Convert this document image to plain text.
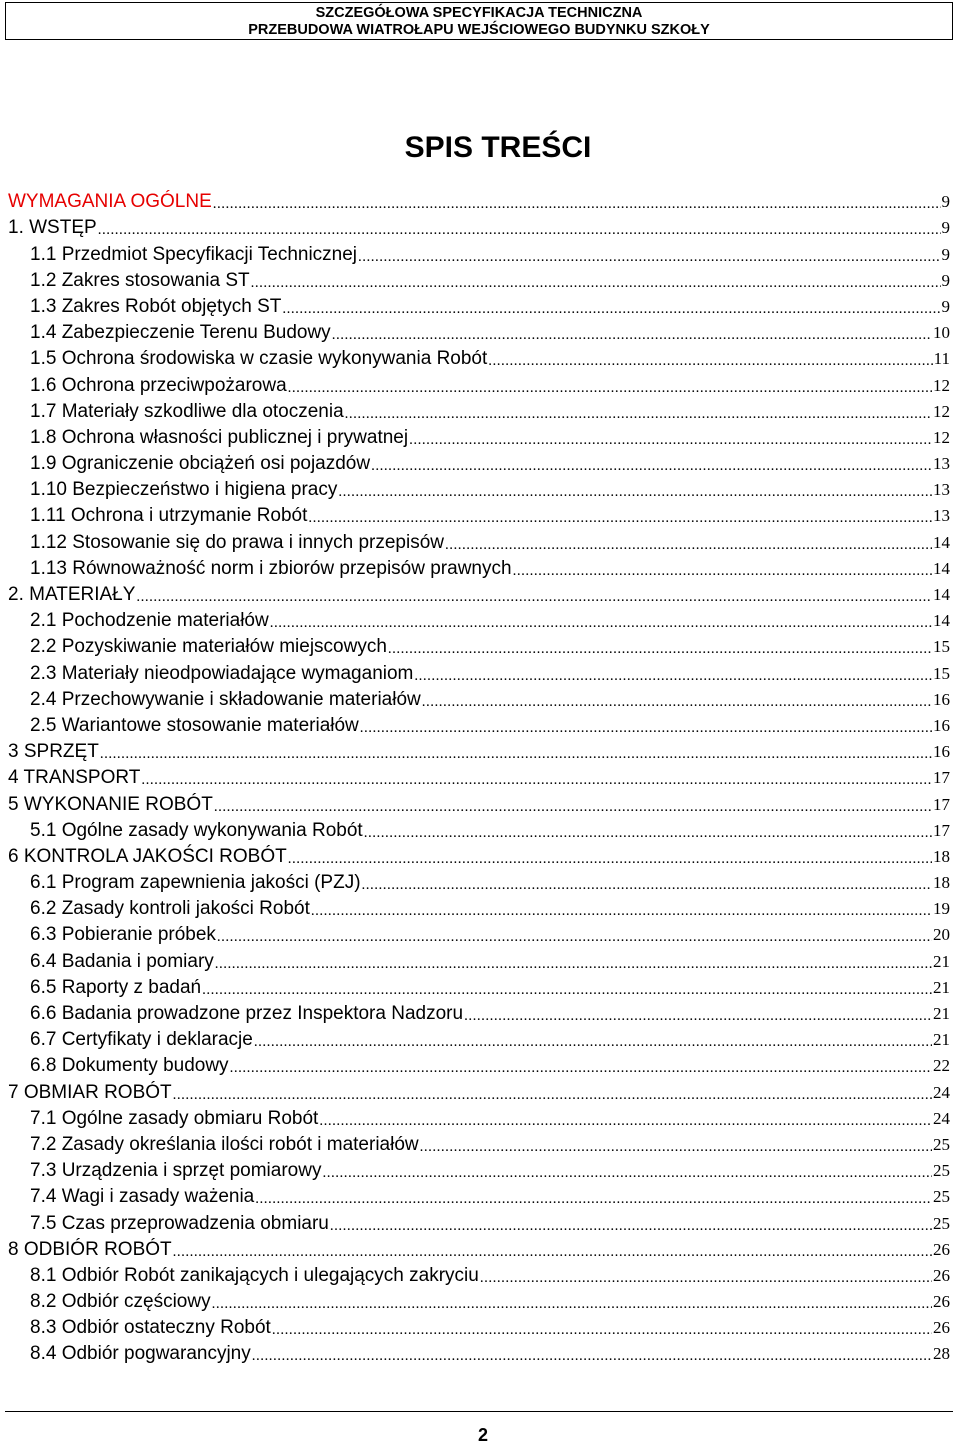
SZCZEGÓŁOWA SPECYFIKACJA TECHNICZNA
PRZEBUDOWA WIATROŁAPU WEJŚCIOWEGO BUDYNKU SZKOŁY
SPIS TREŚCI
WYMAGANIA OGÓLNE .....	9
1. WSTĘP .....	9
1.1 Przedmiot Specyfikacji Technicznej .....	9
1.2 Zakres stosowania ST .....	9
1.3 Zakres Robót objętych ST .....	9
1.4 Zabezpieczenie Terenu Budowy .....	10
1.5 Ochrona środowiska w czasie wykonywania Robót .....	11
1.6 Ochrona przeciwpożarowa .....	12
1.7 Materiały szkodliwe dla otoczenia .....	12
1.8 Ochrona własności publicznej i prywatnej .....	12
1.9 Ograniczenie obciążeń osi pojazdów .....	13
1.10 Bezpieczeństwo i higiena pracy .....	13
1.11 Ochrona i utrzymanie Robót .....	13
1.12 Stosowanie się do prawa i innych przepisów .....	14
1.13 Równoważność norm i zbiorów przepisów prawnych .....	14
2. MATERIAŁY .....	14
2.1 Pochodzenie materiałów .....	14
2.2 Pozyskiwanie materiałów miejscowych .....	15
2.3 Materiały nieodpowiadające wymaganiom .....	15
2.4 Przechowywanie i składowanie materiałów .....	16
2.5 Wariantowe stosowanie materiałów .....	16
3 SPRZĘT .....	16
4 TRANSPORT .....	17
5 WYKONANIE ROBÓT .....	17
5.1 Ogólne zasady wykonywania Robót .....	17
6 KONTROLA JAKOŚCI ROBÓT .....	18
6.1 Program zapewnienia jakości (PZJ) .....	18
6.2 Zasady kontroli jakości Robót .....	19
6.3 Pobieranie próbek .....	20
6.4 Badania i pomiary .....	21
6.5 Raporty z badań .....	21
6.6 Badania prowadzone przez Inspektora Nadzoru .....	21
6.7 Certyfikaty i deklaracje .....	21
6.8 Dokumenty budowy .....	22
7 OBMIAR ROBÓT .....	24
7.1 Ogólne zasady obmiaru Robót .....	24
7.2 Zasady określania ilości robót i materiałów .....	25
7.3 Urządzenia i sprzęt pomiarowy .....	25
7.4 Wagi i zasady ważenia .....	25
7.5 Czas przeprowadzenia obmiaru .....	25
8 ODBIÓR ROBÓT .....	26
8.1 Odbiór Robót zanikających i ulegających zakryciu .....	26
8.2 Odbiór częściowy .....	26
8.3 Odbiór ostateczny Robót .....	26
8.4 Odbiór pogwarancyjny .....	28
2
